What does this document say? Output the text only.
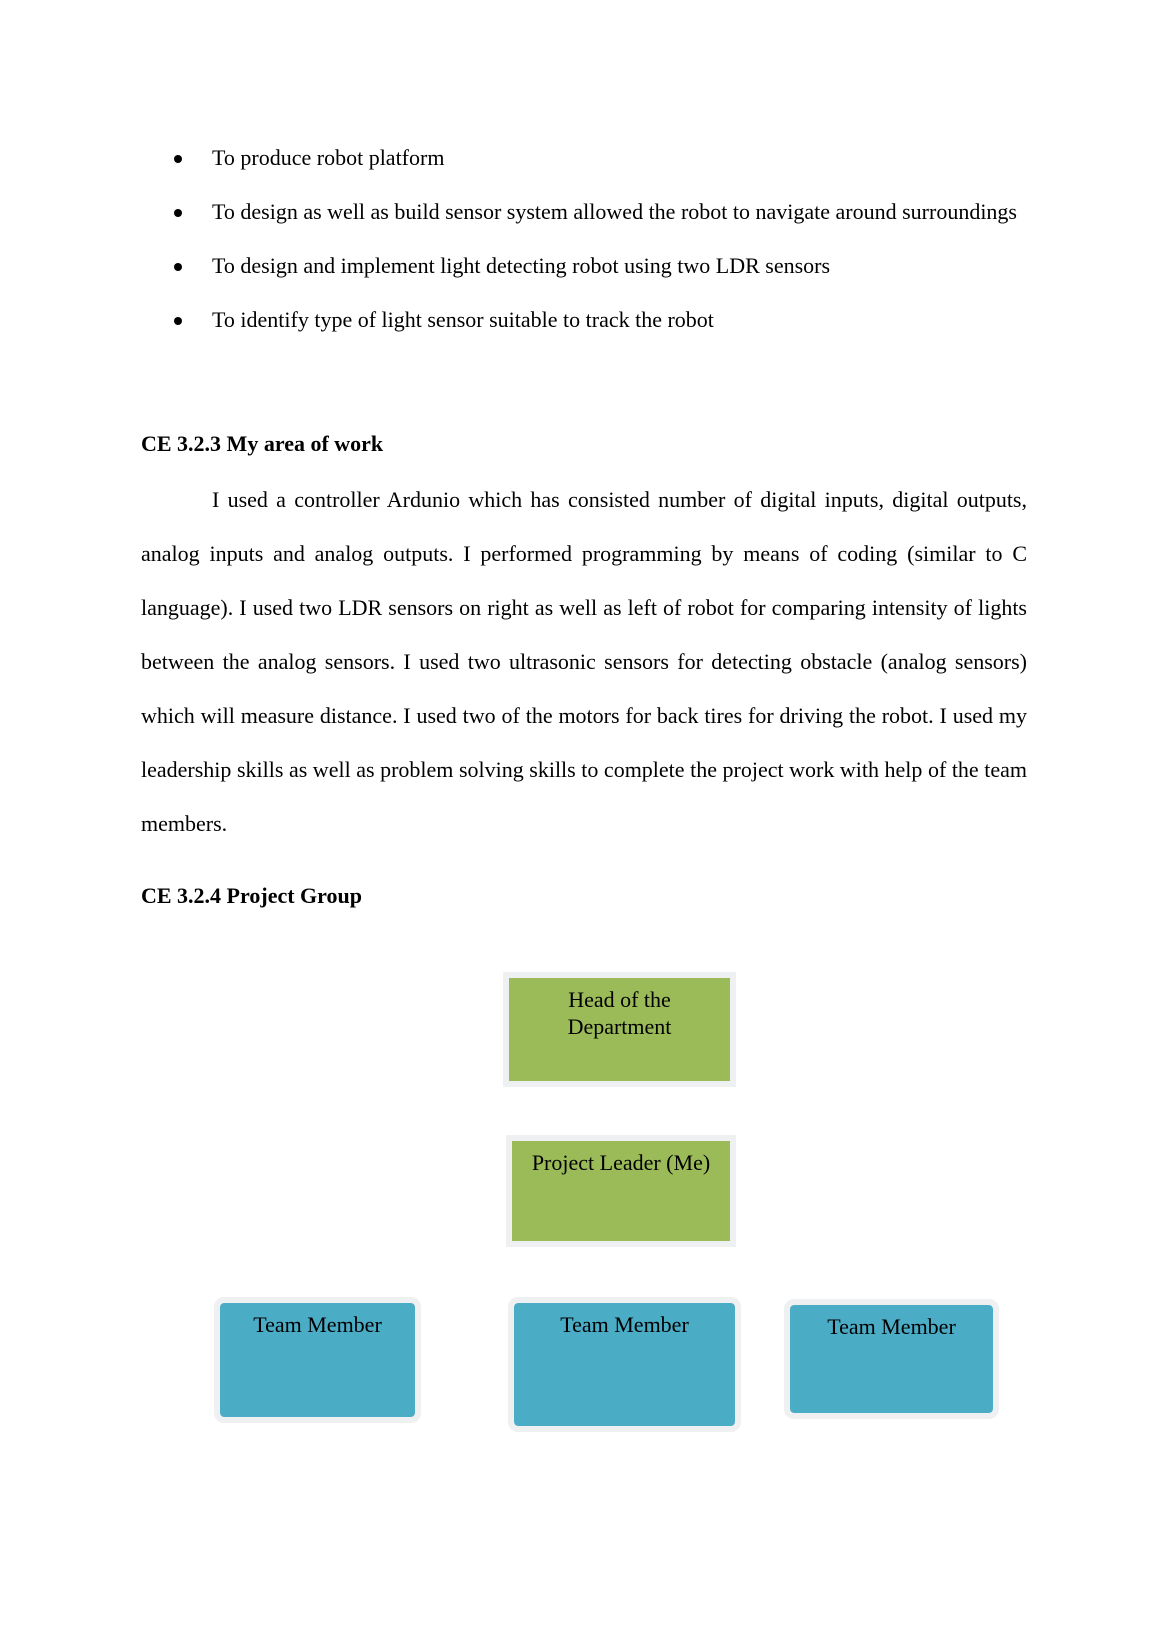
To produce robot platform
To design as well as build sensor system allowed the robot to navigate around surroundings
To design and implement light detecting robot using two LDR sensors
To identify type of light sensor suitable to track the robot
CE 3.2.3 My area of work

I used a controller Ardunio which has consisted number of digital inputs, digital outputs, analog inputs and analog outputs. I performed programming by means of coding (similar to C language). I used two LDR sensors on right as well as left of robot for comparing intensity of lights between the analog sensors. I used two ultrasonic sensors for detecting obstacle (analog sensors) which will measure distance. I used two of the motors for back tires for driving the robot. I used my leadership skills as well as problem solving skills to complete the project work with help of the team members.

CE 3.2.4 Project Group
Head of the Department
Project Leader (Me)
Team Member	Team Member	Team Member
